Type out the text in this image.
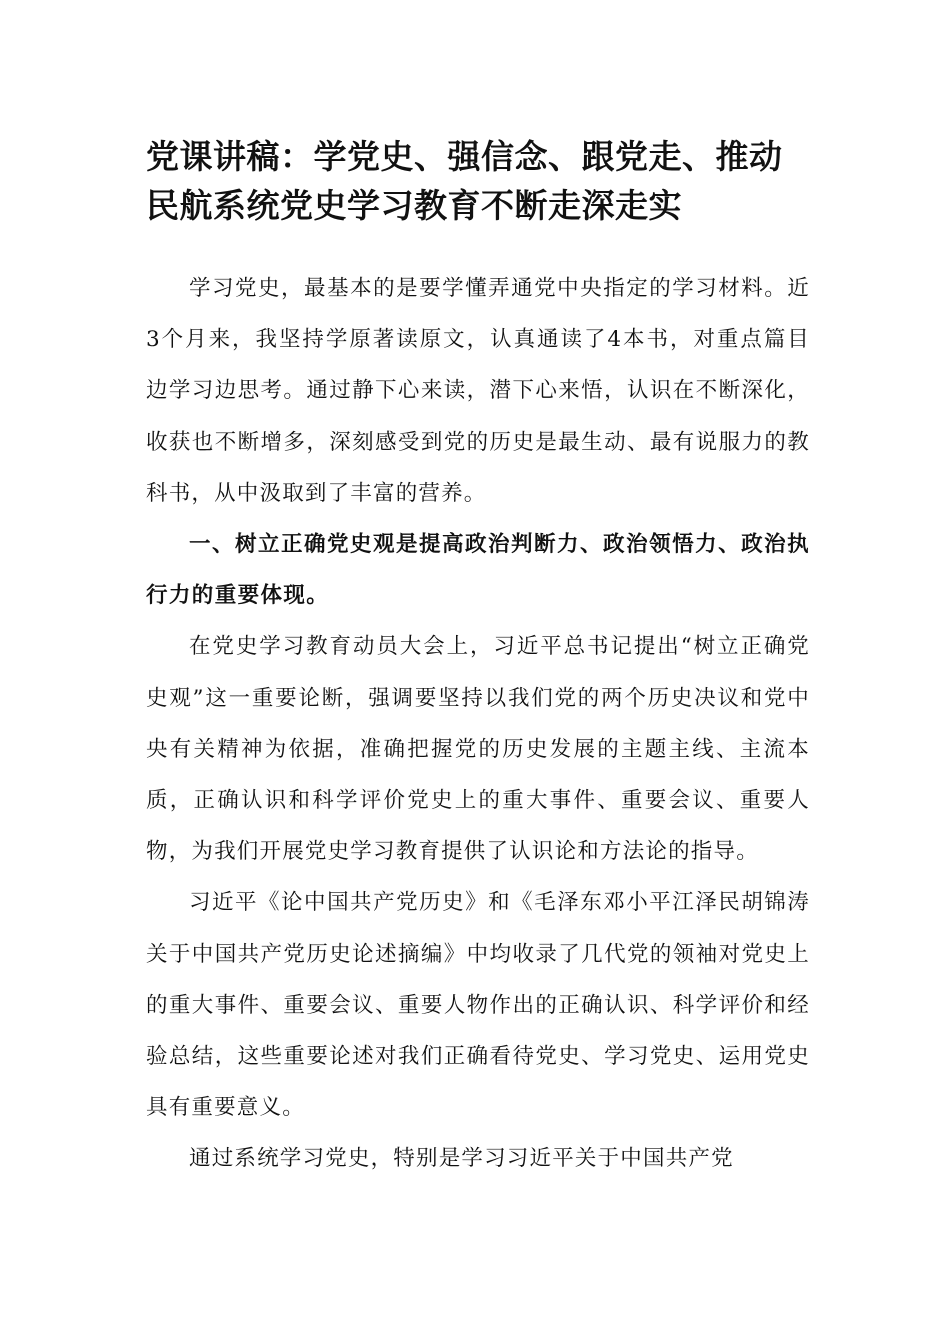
党课讲稿：学党史、强信念、跟党走、推动民航系统党史学习教育不断走深走实

学习党史，最基本的是要学懂弄通党中央指定的学习材料。近3个月来，我坚持学原著读原文，认真通读了4本书，对重点篇目边学习边思考。通过静下心来读，潜下心来悟，认识在不断深化，收获也不断增多，深刻感受到党的历史是最生动、最有说服力的教科书，从中汲取到了丰富的营养。

一、树立正确党史观是提高政治判断力、政治领悟力、政治执行力的重要体现。

在党史学习教育动员大会上，习近平总书记提出“树立正确党史观”这一重要论断，强调要坚持以我们党的两个历史决议和党中央有关精神为依据，准确把握党的历史发展的主题主线、主流本质，正确认识和科学评价党史上的重大事件、重要会议、重要人物，为我们开展党史学习教育提供了认识论和方法论的指导。

习近平《论中国共产党历史》和《毛泽东邓小平江泽民胡锦涛关于中国共产党历史论述摘编》中均收录了几代党的领袖对党史上的重大事件、重要会议、重要人物作出的正确认识、科学评价和经验总结，这些重要论述对我们正确看待党史、学习党史、运用党史具有重要意义。

通过系统学习党史，特别是学习习近平关于中国共产党
